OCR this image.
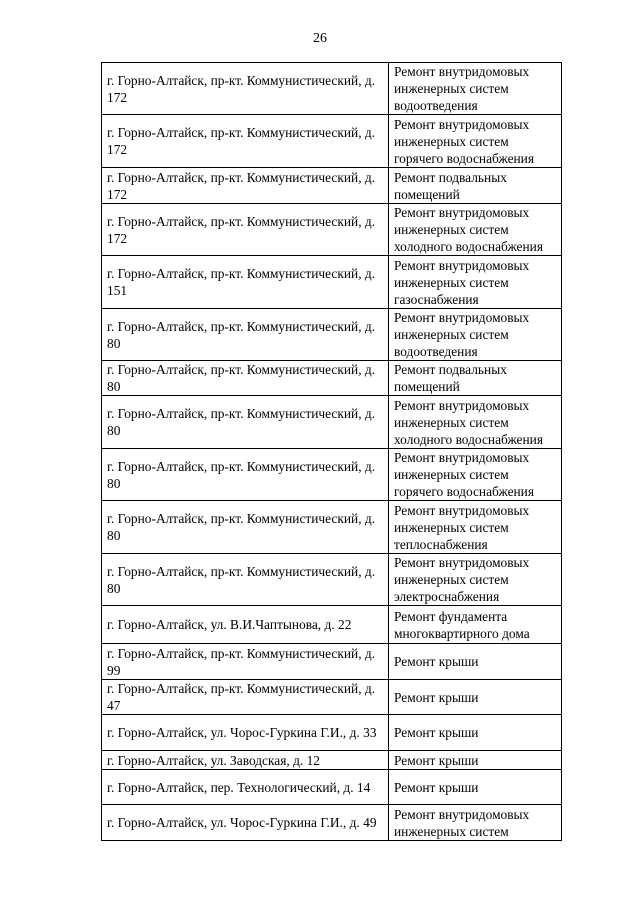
26
г. Горно-Алтайск, пр-кт. Коммунистический, д. 172	Ремонт внутридомовых инженерных систем водоотведения
г. Горно-Алтайск, пр-кт. Коммунистический, д. 172	Ремонт внутридомовых инженерных систем горячего водоснабжения
г. Горно-Алтайск, пр-кт. Коммунистический, д. 172	Ремонт подвальных помещений
г. Горно-Алтайск, пр-кт. Коммунистический, д. 172	Ремонт внутридомовых инженерных систем холодного водоснабжения
г. Горно-Алтайск, пр-кт. Коммунистический, д. 151	Ремонт внутридомовых инженерных систем газоснабжения
г. Горно-Алтайск, пр-кт. Коммунистический, д. 80	Ремонт внутридомовых инженерных систем водоотведения
г. Горно-Алтайск, пр-кт. Коммунистический, д. 80	Ремонт подвальных помещений
г. Горно-Алтайск, пр-кт. Коммунистический, д. 80	Ремонт внутридомовых инженерных систем холодного водоснабжения
г. Горно-Алтайск, пр-кт. Коммунистический, д. 80	Ремонт внутридомовых инженерных систем горячего водоснабжения
г. Горно-Алтайск, пр-кт. Коммунистический, д. 80	Ремонт внутридомовых инженерных систем теплоснабжения
г. Горно-Алтайск, пр-кт. Коммунистический, д. 80	Ремонт внутридомовых инженерных систем электроснабжения
г. Горно-Алтайск, ул. В.И.Чаптынова, д. 22	Ремонт фундамента многоквартирного дома
г. Горно-Алтайск, пр-кт. Коммунистический, д. 99	Ремонт крыши
г. Горно-Алтайск, пр-кт. Коммунистический, д. 47	Ремонт крыши
г. Горно-Алтайск, ул. Чорос-Гуркина Г.И., д. 33	Ремонт крыши
г. Горно-Алтайск, ул. Заводская, д. 12	Ремонт крыши
г. Горно-Алтайск, пер. Технологический, д. 14	Ремонт крыши
г. Горно-Алтайск, ул. Чорос-Гуркина Г.И., д. 49	Ремонт внутридомовых инженерных систем
